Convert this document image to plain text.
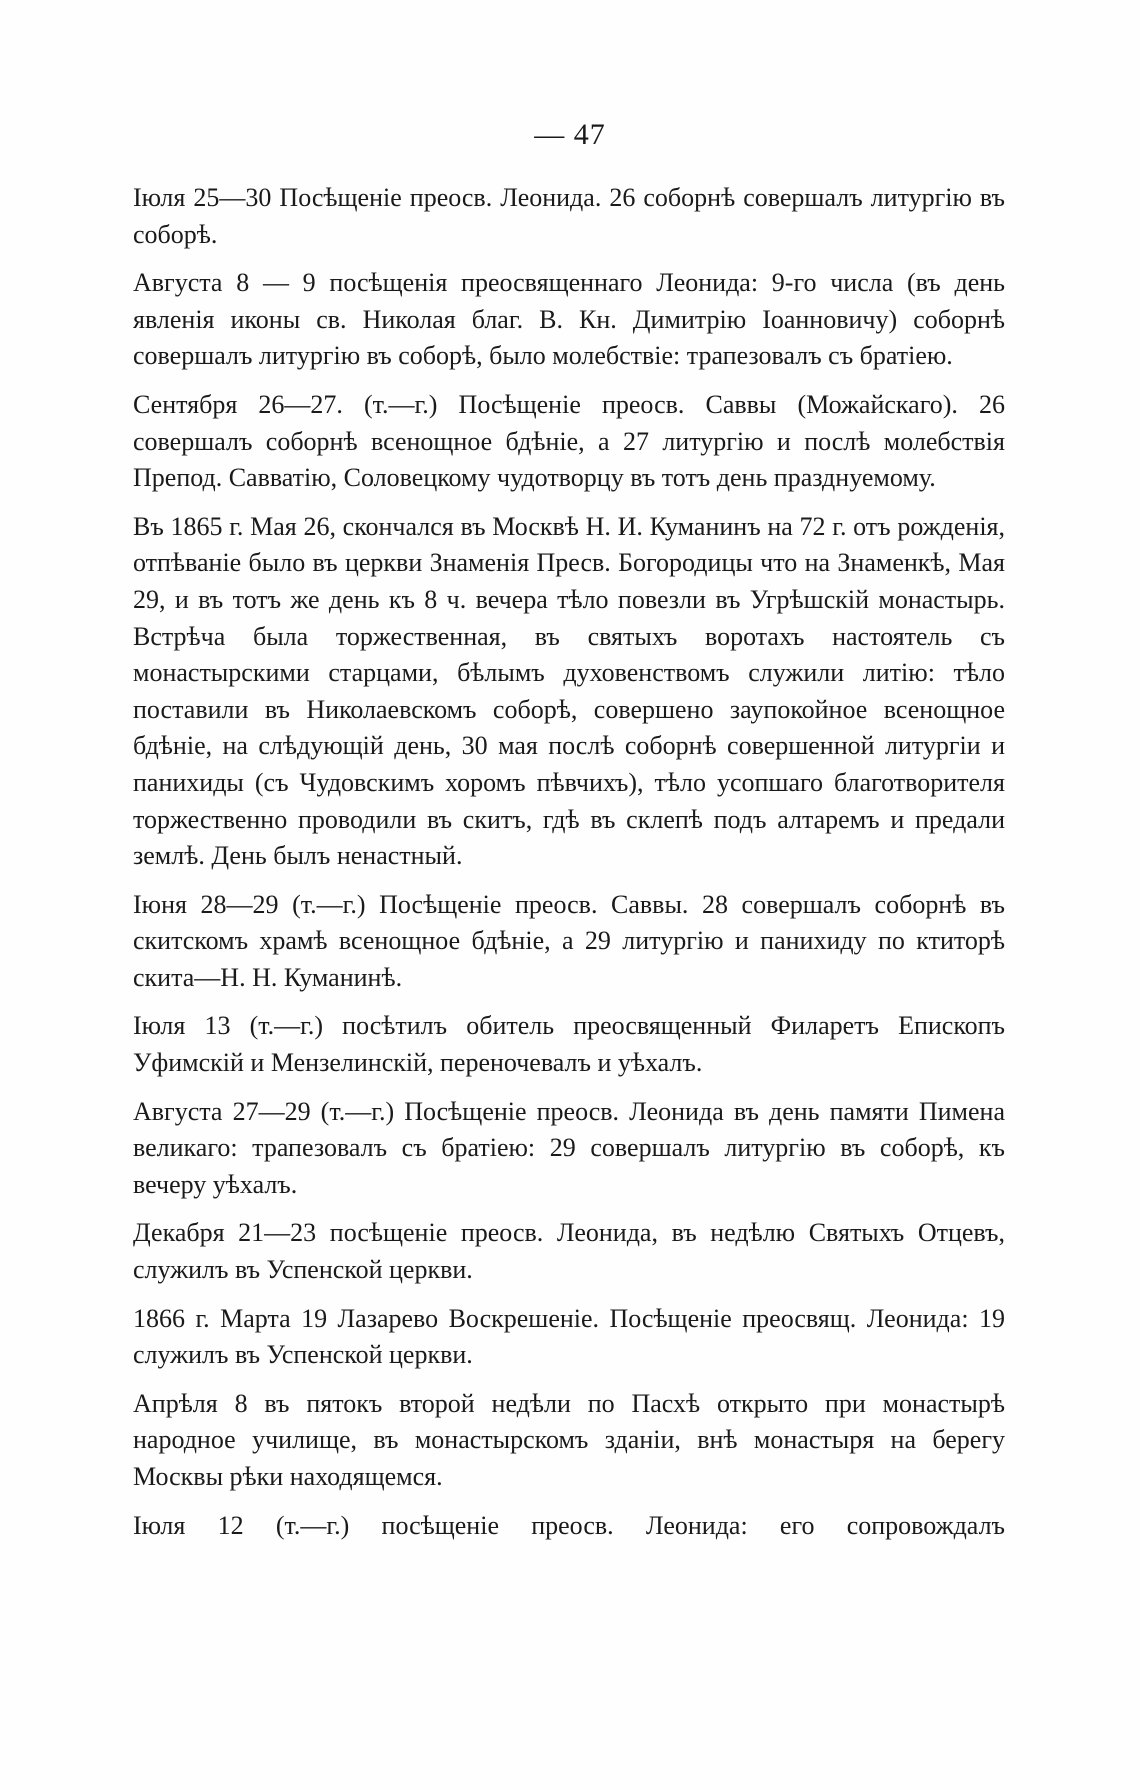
— 47

Іюля 25—30 Посѣщеніе преосв. Леонида. 26 соборнѣ совершалъ литургію въ соборѣ.

Августа 8 — 9 посѣщенія преосвященнаго Леонида: 9-го числа (въ день явленія иконы св. Николая благ. В. Кн. Димитрію Іоанновичу) соборнѣ совершалъ литургію въ соборѣ, было молебствіе: трапезовалъ съ братіею.

Сентября 26—27. (т.—г.) Посѣщеніе преосв. Саввы (Можайскаго). 26 совершалъ соборнѣ всенощное бдѣніе, а 27 литургію и послѣ молебствія Препод. Савватію, Соловецкому чудотворцу въ тотъ день празднуемому.

Въ 1865 г. Мая 26, скончался въ Москвѣ Н. И. Куманинъ на 72 г. отъ рожденія, отпѣваніе было въ церкви Знаменія Пресв. Богородицы что на Знаменкѣ, Мая 29, и въ тотъ же день къ 8 ч. вечера тѣло повезли въ Угрѣшскій монастырь. Встрѣча была торжественная, въ святыхъ воротахъ настоятель съ монастырскими старцами, бѣлымъ духовенствомъ служили литію: тѣло поставили въ Николаевскомъ соборѣ, совершено заупокойное всенощное бдѣніе, на слѣдующій день, 30 мая послѣ соборнѣ совершенной литургіи и панихиды (съ Чудовскимъ хоромъ пѣвчихъ), тѣло усопшаго благотворителя торжественно проводили въ скитъ, гдѣ въ склепѣ подъ алтаремъ и предали землѣ. День былъ ненастный.

Іюня 28—29 (т.—г.) Посѣщеніе преосв. Саввы. 28 совершалъ соборнѣ въ скитскомъ храмѣ всенощное бдѣніе, а 29 литургію и панихиду по ктиторѣ скита—Н. Н. Куманинѣ.

Іюля 13 (т.—г.) посѣтилъ обитель преосвященный Филаретъ Епископъ Уфимскій и Мензелинскій, переночевалъ и уѣхалъ.

Августа 27—29 (т.—г.) Посѣщеніе преосв. Леонида въ день памяти Пимена великаго: трапезовалъ съ братіею: 29 совершалъ литургію въ соборѣ, къ вечеру уѣхалъ.

Декабря 21—23 посѣщеніе преосв. Леонида, въ недѣлю Святыхъ Отцевъ, служилъ въ Успенской церкви.

1866 г. Марта 19 Лазарево Воскрешеніе. Посѣщеніе преосвящ. Леонида: 19 служилъ въ Успенской церкви.

Апрѣля 8 въ пятокъ второй недѣли по Пасхѣ открыто при монастырѣ народное училище, въ монастырскомъ зданіи, внѣ монастыря на берегу Москвы рѣки находящемся.

Іюля 12 (т.—г.) посѣщеніе преосв. Леонида: его сопровождалъ
